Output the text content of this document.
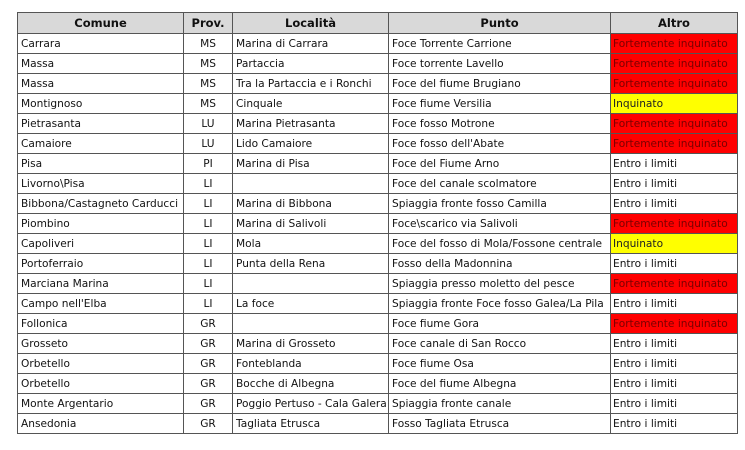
Comune	Prov.	Località	Punto	Altro
Carrara	MS	Marina di Carrara	Foce Torrente Carrione	Fortemente inquinato
Massa	MS	Partaccia	Foce torrente Lavello	Fortemente inquinato
Massa	MS	Tra la Partaccia e i Ronchi	Foce del fiume Brugiano	Fortemente inquinato
Montignoso	MS	Cinquale	Foce fiume Versilia	Inquinato
Pietrasanta	LU	Marina Pietrasanta	Foce fosso Motrone	Fortemente inquinato
Camaiore	LU	Lido Camaiore	Foce fosso dell'Abate	Fortemente inquinato
Pisa	PI	Marina di Pisa	Foce del Fiume Arno	Entro i limiti
Livorno\Pisa	LI		Foce del canale scolmatore	Entro i limiti
Bibbona/Castagneto Carducci	LI	Marina di Bibbona	Spiaggia fronte fosso Camilla	Entro i limiti
Piombino	LI	Marina di Salivoli	Foce\scarico via Salivoli	Fortemente inquinato
Capoliveri	LI	Mola	Foce del fosso di Mola/Fossone centrale	Inquinato
Portoferraio	LI	Punta della Rena	Fosso della Madonnina	Entro i limiti
Marciana Marina	LI		Spiaggia presso moletto del pesce	Fortemente inquinato
Campo nell'Elba	LI	La foce	Spiaggia fronte Foce fosso Galea/La Pila	Entro i limiti
Follonica	GR		Foce fiume Gora	Fortemente inquinato
Grosseto	GR	Marina di Grosseto	Foce canale di San Rocco	Entro i limiti
Orbetello	GR	Fonteblanda	Foce fiume Osa	Entro i limiti
Orbetello	GR	Bocche di Albegna	Foce del fiume Albegna	Entro i limiti
Monte Argentario	GR	Poggio Pertuso - Cala Galera	Spiaggia fronte canale	Entro i limiti
Ansedonia	GR	Tagliata Etrusca	Fosso Tagliata Etrusca	Entro i limiti
